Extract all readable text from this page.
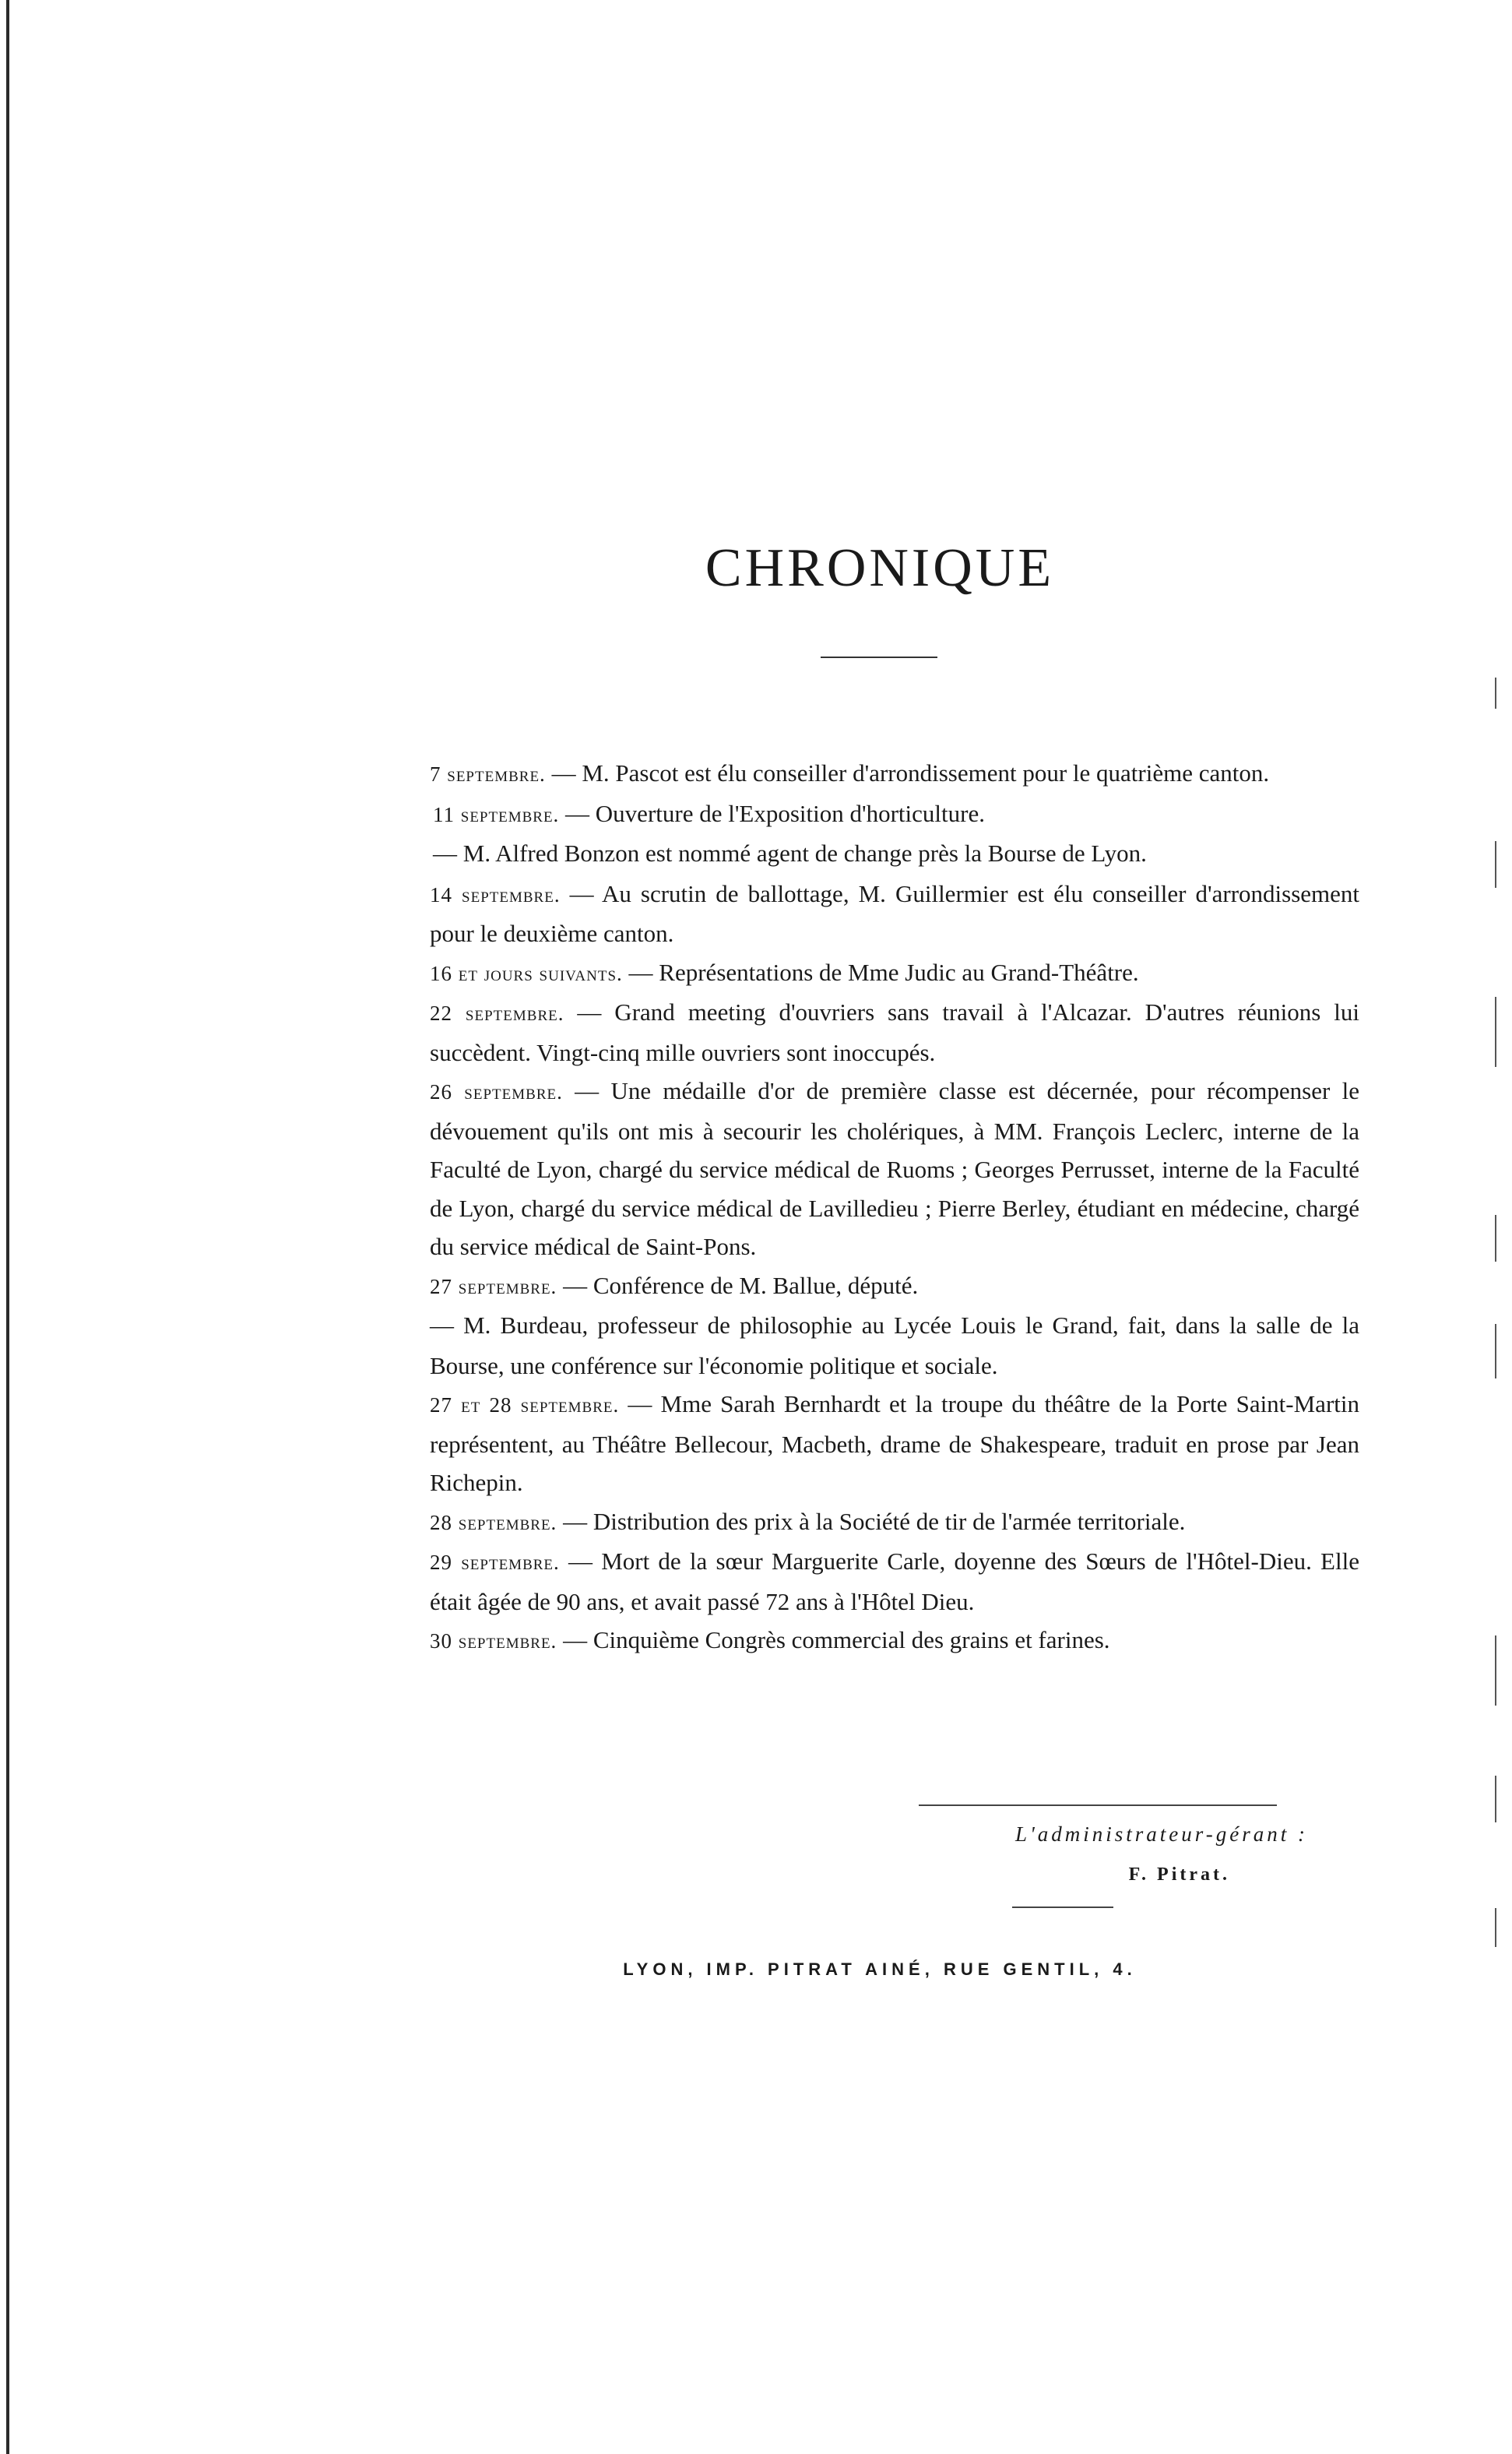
CHRONIQUE

7 septembre. — M. Pascot est élu conseiller d'arrondissement pour le quatrième canton.

11 septembre. — Ouverture de l'Exposition d'horticulture.

— M. Alfred Bonzon est nommé agent de change près la Bourse de Lyon.

14 septembre. — Au scrutin de ballottage, M. Guillermier est élu conseiller d'arrondissement pour le deuxième canton.

16 et jours suivants. — Représentations de Mme Judic au Grand-Théâtre.

22 septembre. — Grand meeting d'ouvriers sans travail à l'Alcazar. D'autres réunions lui succèdent. Vingt-cinq mille ouvriers sont inoccupés.

26 septembre. — Une médaille d'or de première classe est décernée, pour récompenser le dévouement qu'ils ont mis à secourir les cholériques, à MM. François Leclerc, interne de la Faculté de Lyon, chargé du service médical de Ruoms ; Georges Perrusset, interne de la Faculté de Lyon, chargé du service médical de Lavilledieu ; Pierre Berley, étudiant en médecine, chargé du service médical de Saint-Pons.

27 septembre. — Conférence de M. Ballue, député.

— M. Burdeau, professeur de philosophie au Lycée Louis le Grand, fait, dans la salle de la Bourse, une conférence sur l'économie politique et sociale.

27 et 28 septembre. — Mme Sarah Bernhardt et la troupe du théâtre de la Porte Saint-Martin représentent, au Théâtre Bellecour, Macbeth, drame de Shakespeare, traduit en prose par Jean Richepin.

28 septembre. — Distribution des prix à la Société de tir de l'armée territoriale.

29 septembre. — Mort de la sœur Marguerite Carle, doyenne des Sœurs de l'Hôtel-Dieu. Elle était âgée de 90 ans, et avait passé 72 ans à l'Hôtel Dieu.

30 septembre. — Cinquième Congrès commercial des grains et farines.

L'administrateur-gérant :
F. Pitrat.
LYON, IMP. PITRAT AINÉ, RUE GENTIL, 4.
